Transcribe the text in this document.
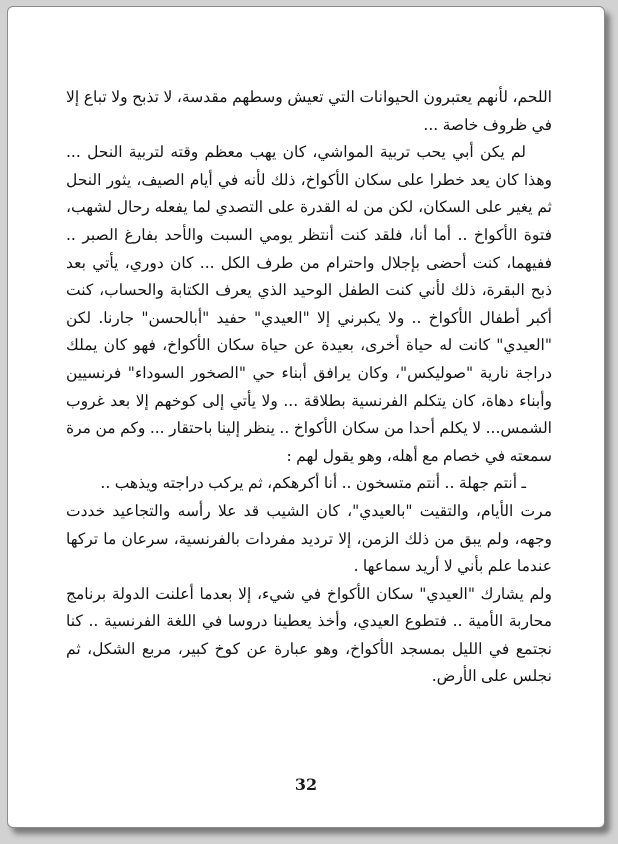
اللحم، لأنهم يعتبرون الحيوانات التي تعيش وسطهم مقدسة، لا تذبح ولا تباع إلا في ظروف خاصة ...

لم يكن أبي يحب تربية المواشي، كان يهب معظم وقته لتربية النحل ... وهذا كان يعد خطرا على سكان الأكواخ، ذلك لأنه في أيام الصيف، يثور النحل ثم يغير على السكان، لكن من له القدرة على التصدي لما يفعله رحال لشهب، فتوة الأكواخ .. أما أنا، فلقد كنت أنتظر يومي السبت والأحد بفارغ الصبر .. ففيهما، كنت أحضى بإجلال واحترام من طرف الكل ... كان دوري، يأتي بعد ذبح البقرة، ذلك لأني كنت الطفل الوحيد الذي يعرف الكتابة والحساب، كنت أكبر أطفال الأكواخ .. ولا يكبرني إلا "العيدي" حفيد "أبالحسن" جارنا. لكن "العيدي" كانت له حياة أخرى، بعيدة عن حياة سكان الأكواخ، فهو كان يملك دراجة نارية "صوليكس"، وكان يرافق أبناء حي "الصخور السوداء" فرنسيين وأبناء دهاة، كان يتكلم الفرنسية بطلاقة ... ولا يأتي إلى كوخهم إلا بعد غروب الشمس... لا يكلم أحدا من سكان الأكواخ .. ينظر إلينا باحتقار ... وكم من مرة سمعته في خصام مع أهله، وهو يقول لهم :

ـ أنتم جهلة .. أنتم متسخون .. أنا أكرهكم، ثم يركب دراجته ويذهب ..

مرت الأيام، والتقيت "بالعيدي"، كان الشيب قد علا رأسه والتجاعيد خددت وجهه، ولم يبق من ذلك الزمن، إلا ترديد مفردات بالفرنسية، سرعان ما تركها عندما علم بأني لا أريد سماعها .

ولم يشارك "العيدي" سكان الأكواخ في شيء، إلا بعدما أعلنت الدولة برنامج محاربة الأمية .. فتطوع العيدي، وأخذ يعطينا دروسا في اللغة الفرنسية .. كنا نجتمع في الليل بمسجد الأكواخ، وهو عبارة عن كوخ كبير، مربع الشكل، ثم نجلس على الأرض.

32
